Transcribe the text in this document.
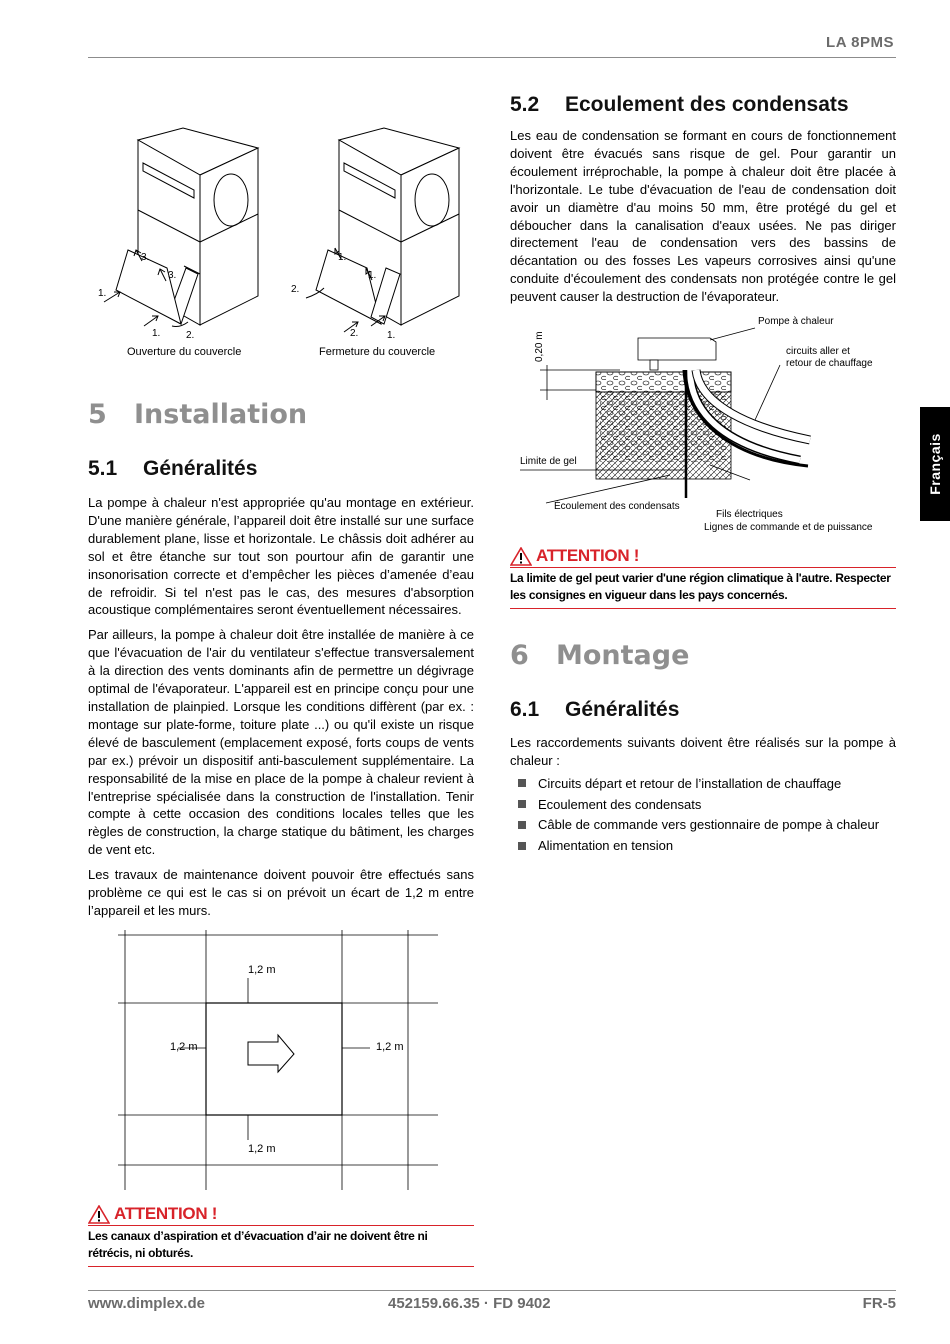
LA 8PMS
Français
3.
3.
1.
1.	2.
1.
1.
2.
2.	1.
Ouverture du couvercle	Fermeture du couvercle
5 Installation
5.1 Généralités

La pompe à chaleur n'est appropriée qu'au montage en extérieur. D'une manière générale, l’appareil doit être installé sur une surface durablement plane, lisse et horizontale. Le châssis doit adhérer au sol et être étanche sur tout son pourtour afin de garantir une insonorisation correcte et d’empêcher les pièces d’amenée d’eau de refroidir. Si tel n'est pas le cas, des mesures d'absorption acoustique complémentaires seront éventuellement nécessaires.

Par ailleurs, la pompe à chaleur doit être installée de manière à ce que l'évacuation de l'air du ventilateur s'effectue transversalement à la direction des vents dominants afin de permettre un dégivrage optimal de l'évaporateur. L'appareil est en principe conçu pour une installation de plainpied. Lorsque les conditions diffèrent (par ex. : montage sur plate-forme, toiture plate ...) ou qu'il existe un risque élevé de basculement (emplacement exposé, forts coups de vents par ex.) prévoir un dispositif anti-basculement supplémentaire. La responsabilité de la mise en place de la pompe à chaleur revient à l'entreprise spécialisée dans la construction de l'installation. Tenir compte à cette occasion des conditions locales telles que les règles de construction, la charge statique du bâtiment, les charges de vent etc.

Les travaux de maintenance doivent pouvoir être effectués sans problème ce qui est le cas si on prévoit un écart de 1,2 m entre l’appareil et les murs.

1,2 m
1,2 m	1,2 m
1,2 m
ATTENTION !
Les canaux d’aspiration et d’évacuation d’air ne doivent être ni rétrécis, ni obturés.
5.2 Ecoulement des condensats

Les eau de condensation se formant en cours de fonctionnement doivent être évacués sans risque de gel. Pour garantir un écoulement irréprochable, la pompe à chaleur doit être placée à l'horizontale. Le tube d'évacuation de l'eau de condensation doit avoir un diamètre d'au moins 50 mm, être protégé du gel et déboucher dans la canalisation d'eaux usées. Ne pas diriger directement l'eau de condensation vers des bassins de décantation ou des fosses Les vapeurs corrosives ainsi qu'une conduite d'écoulement des condensats non protégée contre le gel peuvent causer la destruction de l'évaporateur.

0,20 m
Pompe à chaleur
circuits aller et
retour de chauffage
Limite de gel
Écoulement des condensats
Fils électriques
Lignes de commande et de puissance
ATTENTION !
La limite de gel peut varier d'une région climatique à l'autre. Respecter les consignes en vigueur dans les pays concernés.
6 Montage
6.1 Généralités

Les raccordements suivants doivent être réalisés sur la pompe à chaleur :

Circuits départ et retour de l’installation de chauffage
Ecoulement des condensats
Câble de commande vers gestionnaire de pompe à chaleur
Alimentation en tension
www.dimplex.de	452159.66.35 · FD 9402	FR-5
